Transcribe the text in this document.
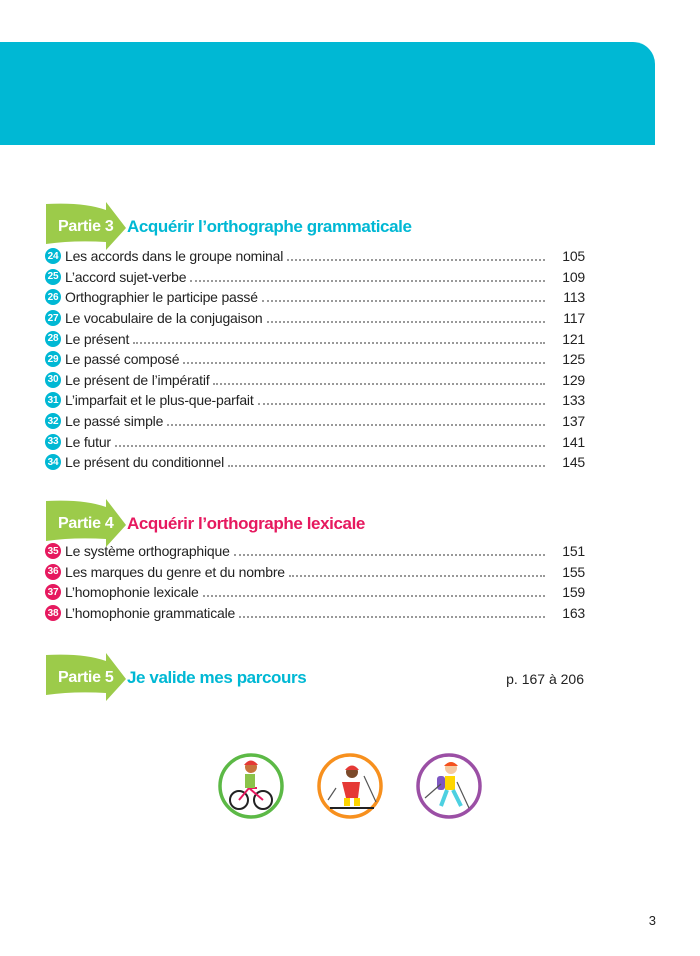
Partie 3 Acquérir l’orthographe grammaticale
24 Les accords dans le groupe nominal	105
25 L’accord sujet-verbe	109
26 Orthographier le participe passé	113
27 Le vocabulaire de la conjugaison	117
28 Le présent	121
29 Le passé composé	125
30 Le présent de l’impératif	129
31 L’imparfait et le plus-que-parfait	133
32 Le passé simple	137
33 Le futur	141
34 Le présent du conditionnel	145
Partie 4 Acquérir l’orthographe lexicale
35 Le système orthographique	151
36 Les marques du genre et du nombre	155
37 L’homophonie lexicale	159
38 L’homophonie grammaticale	163
Partie 5 Je valide mes parcours	p. 167 à 206
3
